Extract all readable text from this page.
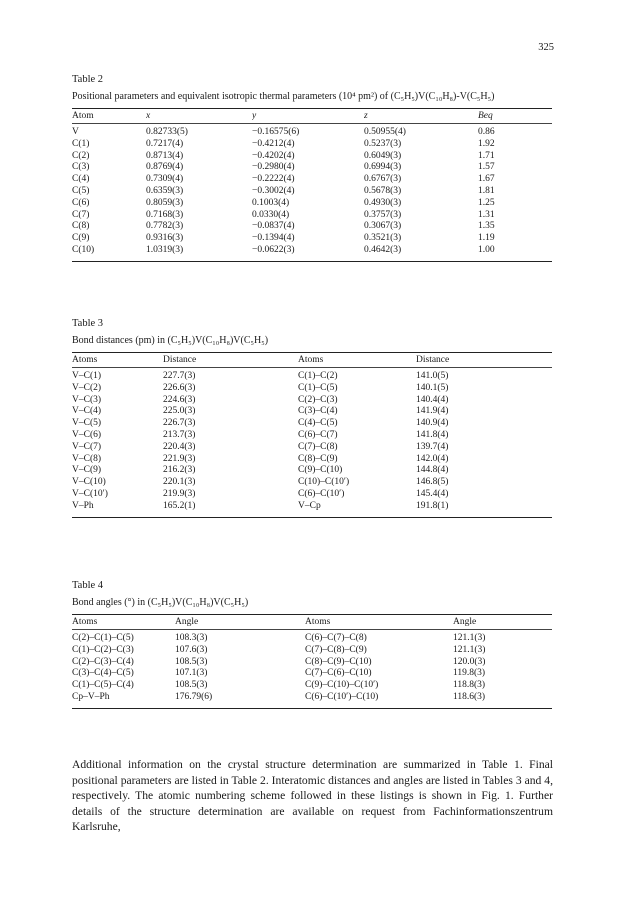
325
Table 2
Positional parameters and equivalent isotropic thermal parameters (10⁴ pm²) of (C₅H₅)V(C₁₀H₈)-V(C₅H₅)
Atom	x	y	z	Beq
V	0.82733(5)	−0.16575(6)	0.50955(4)	0.86
C(1)	0.7217(4)	−0.4212(4)	0.5237(3)	1.92
C(2)	0.8713(4)	−0.4202(4)	0.6049(3)	1.71
C(3)	0.8769(4)	−0.2980(4)	0.6994(3)	1.57
C(4)	0.7309(4)	−0.2222(4)	0.6767(3)	1.67
C(5)	0.6359(3)	−0.3002(4)	0.5678(3)	1.81
C(6)	0.8059(3)	0.1003(4)	0.4930(3)	1.25
C(7)	0.7168(3)	0.0330(4)	0.3757(3)	1.31
C(8)	0.7782(3)	−0.0837(4)	0.3067(3)	1.35
C(9)	0.9316(3)	−0.1394(4)	0.3521(3)	1.19
C(10)	1.0319(3)	−0.0622(3)	0.4642(3)	1.00
Table 3
Bond distances (pm) in (C₅H₅)V(C₁₀H₈)V(C₅H₅)
Atoms	Distance	Atoms	Distance
V–C(1)	227.7(3)	C(1)–C(2)	141.0(5)
V–C(2)	226.6(3)	C(1)–C(5)	140.1(5)
V–C(3)	224.6(3)	C(2)–C(3)	140.4(4)
V–C(4)	225.0(3)	C(3)–C(4)	141.9(4)
V–C(5)	226.7(3)	C(4)–C(5)	140.9(4)
V–C(6)	213.7(3)	C(6)–C(7)	141.8(4)
V–C(7)	220.4(3)	C(7)–C(8)	139.7(4)
V–C(8)	221.9(3)	C(8)–C(9)	142.0(4)
V–C(9)	216.2(3)	C(9)–C(10)	144.8(4)
V–C(10)	220.1(3)	C(10)–C(10′)	146.8(5)
V–C(10′)	219.9(3)	C(6)–C(10′)	145.4(4)
V–Ph	165.2(1)	V–Cp	191.8(1)
Table 4
Bond angles (°) in (C₅H₅)V(C₁₀H₈)V(C₅H₅)
Atoms	Angle	Atoms	Angle
C(2)–C(1)–C(5)	108.3(3)	C(6)–C(7)–C(8)	121.1(3)
C(1)–C(2)–C(3)	107.6(3)	C(7)–C(8)–C(9)	121.1(3)
C(2)–C(3)–C(4)	108.5(3)	C(8)–C(9)–C(10)	120.0(3)
C(3)–C(4)–C(5)	107.1(3)	C(7)–C(6)–C(10)	119.8(3)
C(1)–C(5)–C(4)	108.5(3)	C(9)–C(10)–C(10′)	118.8(3)
Cp–V–Ph	176.79(6)	C(6)–C(10′)–C(10)	118.6(3)

Additional information on the crystal structure determination are summarized in Table 1. Final positional parameters are listed in Table 2. Interatomic distances and angles are listed in Tables 3 and 4, respectively. The atomic numbering scheme followed in these listings is shown in Fig. 1. Further details of the structure determination are available on request from Fachinformationszentrum Karlsruhe,
